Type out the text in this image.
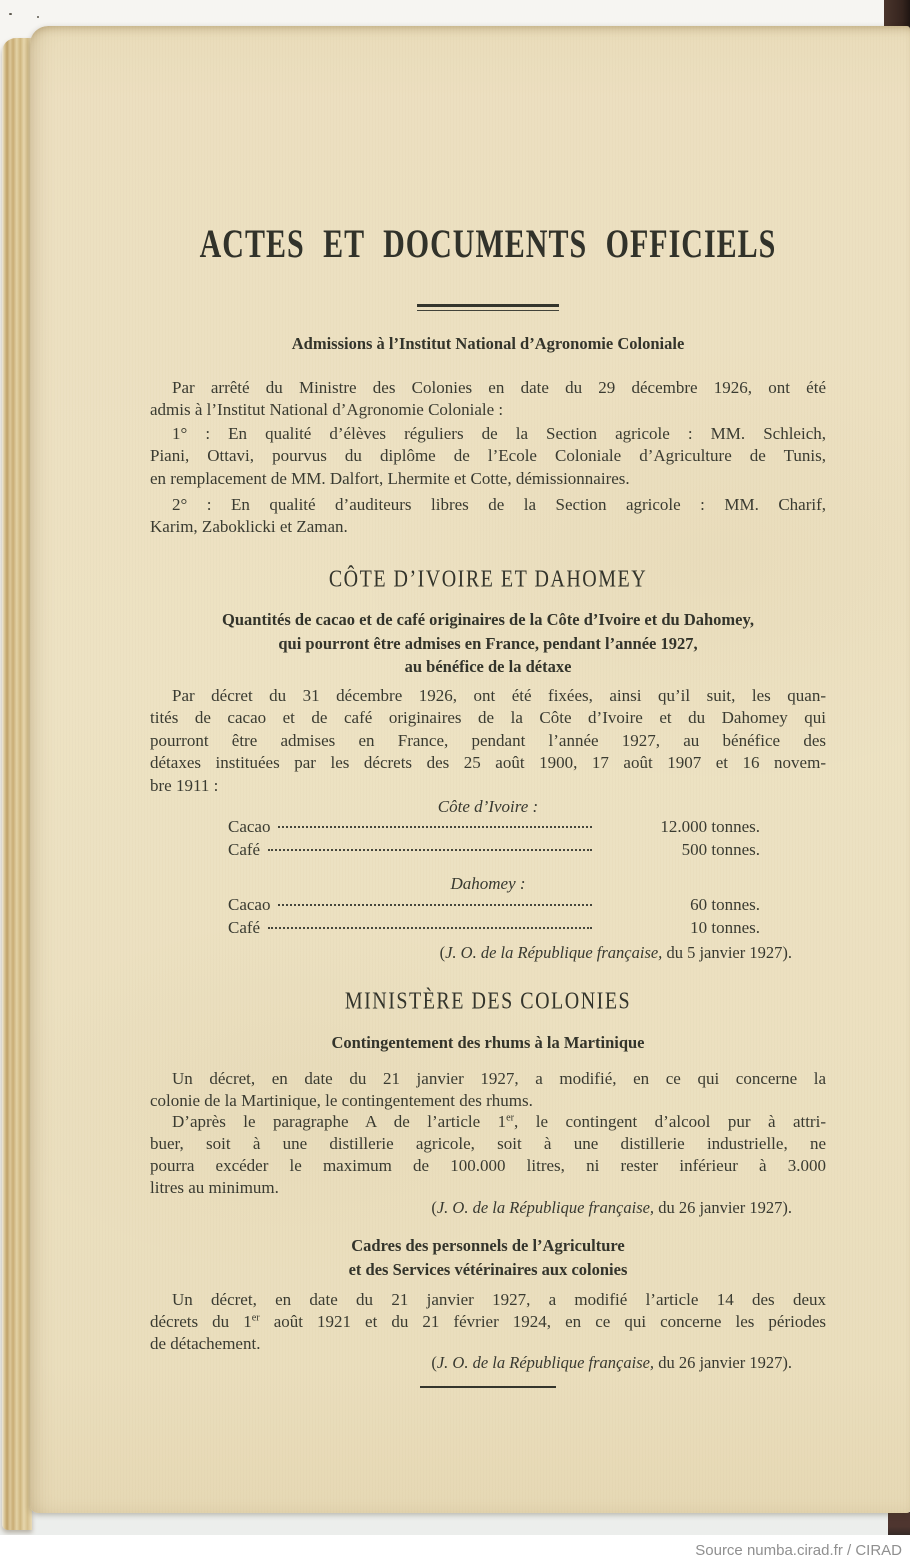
ACTES ET DOCUMENTS OFFICIELS
Admissions à l’Institut National d’Agronomie Coloniale
Par arrêté du Ministre des Colonies en date du 29 décembre 1926, ont été
admis à l’Institut National d’Agronomie Coloniale :
1° : En qualité d’élèves réguliers de la Section agricole : MM. Schleich,
Piani, Ottavi, pourvus du diplôme de l’Ecole Coloniale d’Agriculture de Tunis,
en remplacement de MM. Dalfort, Lhermite et Cotte, démissionnaires.
2° : En qualité d’auditeurs libres de la Section agricole : MM. Charif,
Karim, Zaboklicki et Zaman.
CÔTE D’IVOIRE ET DAHOMEY
Quantités de cacao et de café originaires de la Côte d’Ivoire et du Dahomey,
qui pourront être admises en France, pendant l’année 1927,
au bénéfice de la détaxe
Par décret du 31 décembre 1926, ont été fixées, ainsi qu’il suit, les quan-
tités de cacao et de café originaires de la Côte d’Ivoire et du Dahomey qui
pourront être admises en France, pendant l’année 1927, au bénéfice des
détaxes instituées par les décrets des 25 août 1900, 17 août 1907 et 16 novem-
bre 1911 :
Côte d’Ivoire :
Cacao	12.000 tonnes.
Café	500 tonnes.
Dahomey :
Cacao	60 tonnes.
Café	10 tonnes.
(J. O. de la République française, du 5 janvier 1927).
MINISTÈRE DES COLONIES
Contingentement des rhums à la Martinique
Un décret, en date du 21 janvier 1927, a modifié, en ce qui concerne la
colonie de la Martinique, le contingentement des rhums.
D’après le paragraphe A de l’article 1er, le contingent d’alcool pur à attri-
buer, soit à une distillerie agricole, soit à une distillerie industrielle, ne
pourra excéder le maximum de 100.000 litres, ni rester inférieur à 3.000
litres au minimum.
(J. O. de la République française, du 26 janvier 1927).
Cadres des personnels de l’Agriculture
et des Services vétérinaires aux colonies
Un décret, en date du 21 janvier 1927, a modifié l’article 14 des deux
décrets du 1er août 1921 et du 21 février 1924, en ce qui concerne les périodes
de détachement.
(J. O. de la République française, du 26 janvier 1927).
Source numba.cirad.fr / CIRAD
